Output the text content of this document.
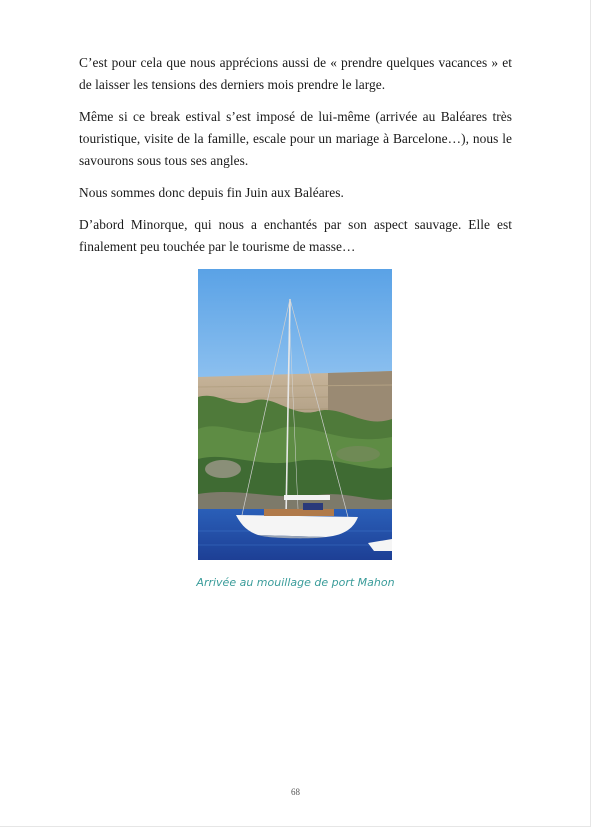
C’est pour cela que nous apprécions aussi de « prendre quelques vacances » et de laisser les tensions des derniers mois prendre le large.

Même si ce break estival s’est imposé de lui-même (arrivée au Baléares très touristique, visite de la famille, escale pour un mariage à Barcelone…), nous le savourons sous tous ses angles.

Nous sommes donc depuis fin Juin aux Baléares.

D’abord Minorque, qui nous a enchantés par son aspect sauvage. Elle est finalement peu touchée par le tourisme de masse…

Arrivée au mouillage de port Mahon
68
